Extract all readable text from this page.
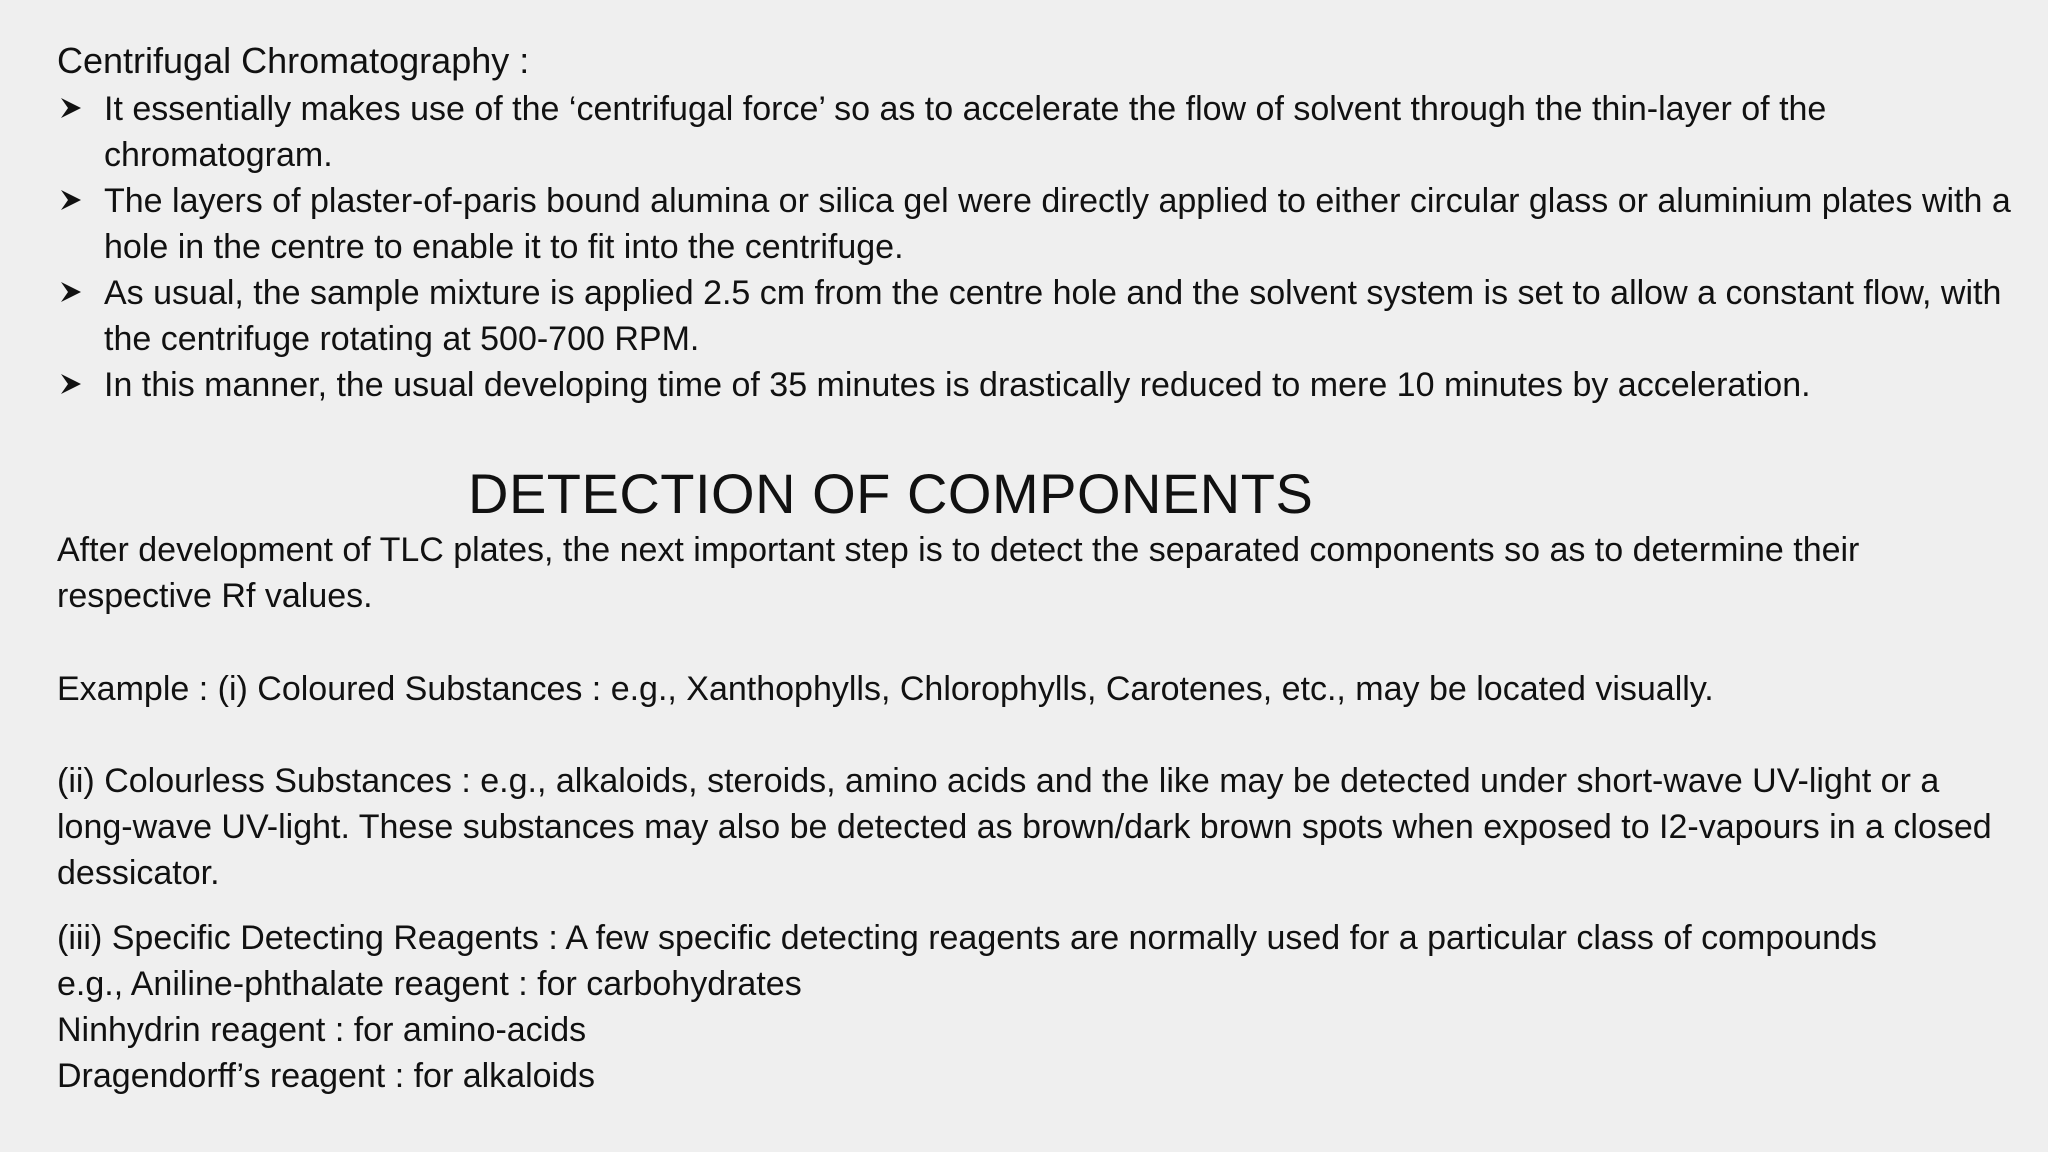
Centrifugal Chromatography :
It essentially makes use of the ‘centrifugal force’ so as to accelerate the flow of solvent through the thin-layer of the chromatogram.
The layers of plaster-of-paris bound alumina or silica gel were directly applied to either circular glass or aluminium plates with a hole in the centre to enable it to fit into the centrifuge.
As usual, the sample mixture is applied 2.5 cm from the centre hole and the solvent system is set to allow a constant flow, with the centrifuge rotating at 500-700 RPM.
In this manner, the usual developing time of 35 minutes is drastically reduced to mere 10 minutes by acceleration.
DETECTION OF COMPONENTS

After development of TLC plates, the next important step is to detect the separated components so as to determine their respective Rf values.

Example : (i) Coloured Substances : e.g., Xanthophylls, Chlorophylls, Carotenes, etc., may be located visually.

(ii) Colourless Substances : e.g., alkaloids, steroids, amino acids and the like may be detected under short-wave UV-light or a long-wave UV-light. These substances may also be detected as brown/dark brown spots when exposed to I2-vapours in a closed dessicator.

(iii) Specific Detecting Reagents : A few specific detecting reagents are normally used for a particular class of compounds
e.g., Aniline-phthalate reagent : for carbohydrates
Ninhydrin reagent : for amino-acids
Dragendorff’s reagent : for alkaloids
